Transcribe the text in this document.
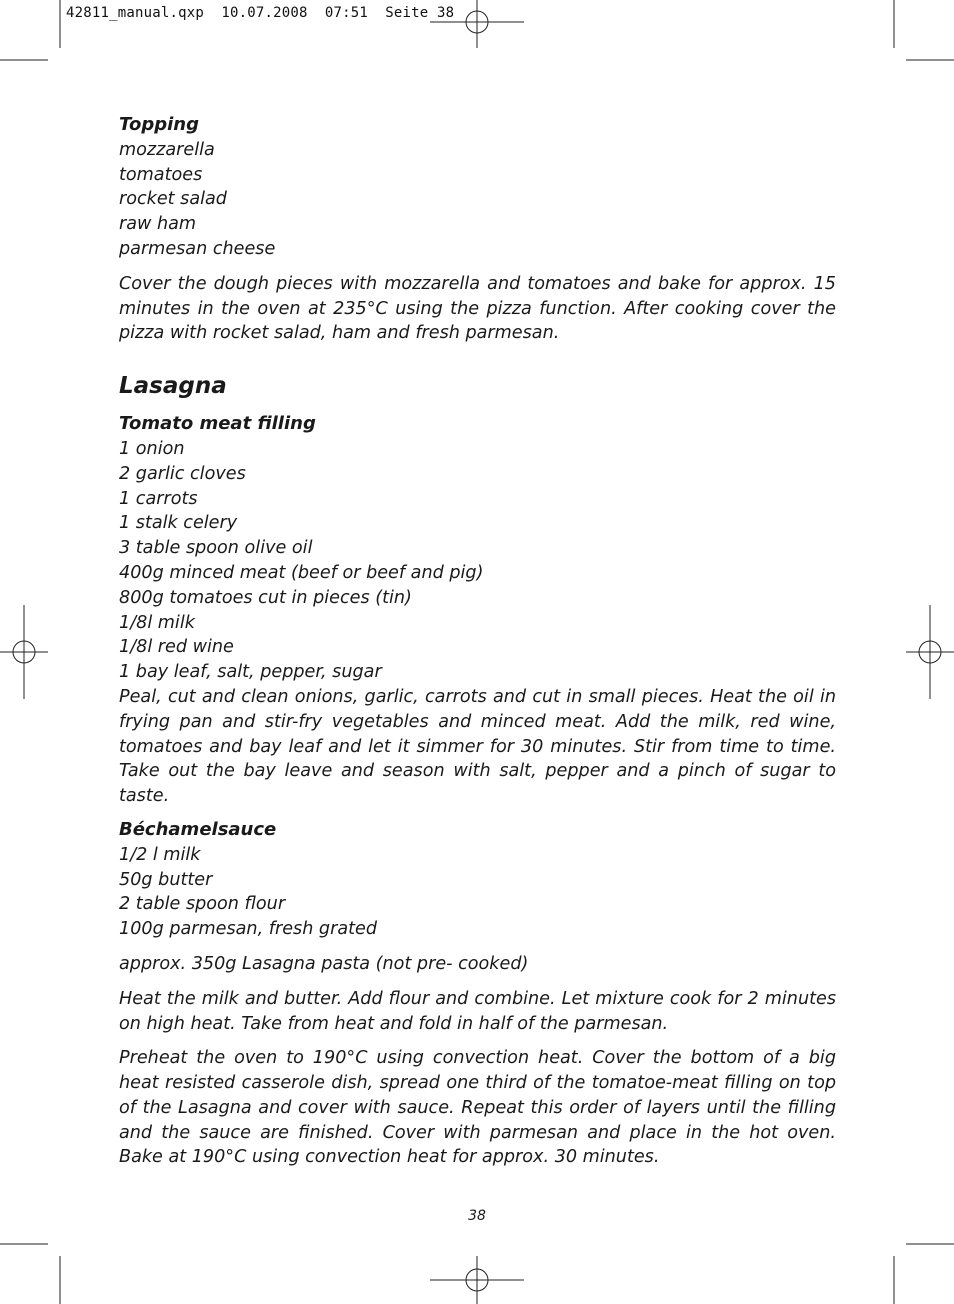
42811_manual.qxp  10.07.2008  07:51  Seite 38

Topping

mozzarella
tomatoes
rocket salad
raw ham
parmesan cheese

Cover the dough pieces with mozzarella and tomatoes and bake for approx. 15 minutes in the oven at 235°C using the pizza function. After cooking cover the pizza with rocket salad, ham and fresh parmesan.

Lasagna

Tomato meat filling

1 onion
2 garlic cloves
1 carrots
1 stalk celery
3 table spoon olive oil
400g minced meat (beef or beef and pig)
800g tomatoes cut in pieces (tin)
1/8l milk
1/8l red wine
1 bay leaf, salt, pepper, sugar

Peal, cut and clean onions, garlic, carrots and cut in small pieces. Heat the oil in frying pan and stir-fry vegetables and minced meat. Add the milk, red wine, tomatoes and bay leaf and let it simmer for 30 minutes. Stir from time to time. Take out the bay leave and season with salt, pepper and a pinch of sugar to taste.

Béchamelsauce

1/2 l milk
50g butter
2 table spoon flour
100g parmesan, fresh grated

approx. 350g Lasagna pasta (not pre- cooked)

Heat the milk and butter. Add flour and combine. Let mixture cook for 2 minutes on high heat. Take from heat and fold in half of the parmesan.

Preheat the oven to 190°C using convection heat. Cover the bottom of a big heat resisted casserole dish, spread one third of the tomatoe-meat filling on top of the Lasagna and cover with sauce. Repeat this order of layers until the filling and the sauce are finished. Cover with parmesan and place in the hot oven. Bake at 190°C using convection heat for approx. 30 minutes.

38
